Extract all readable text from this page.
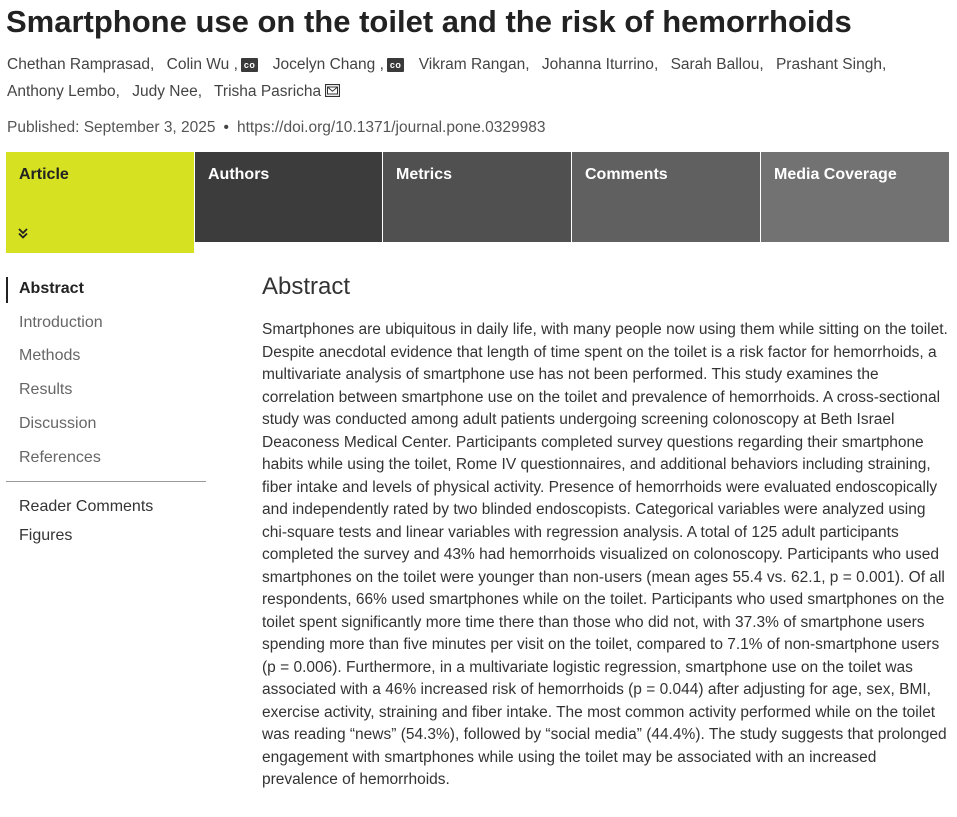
Smartphone use on the toilet and the risk of hemorrhoids
Chethan Ramprasad, Colin Wu , co Jocelyn Chang , co Vikram Rangan, Johanna Iturrino, Sarah Ballou, Prashant Singh,
Anthony Lembo, Judy Nee, Trisha Pasricha
Published: September 3, 2025 • https://doi.org/10.1371/journal.pone.0329983
Article	Authors	Metrics	Comments	Media Coverage
Abstract
Introduction
Methods
Results
Discussion
References
Reader Comments
Figures
Abstract

Smartphones are ubiquitous in daily life, with many people now using them while sitting on the toilet. Despite anecdotal evidence that length of time spent on the toilet is a risk factor for hemorrhoids, a multivariate analysis of smartphone use has not been performed. This study examines the correlation between smartphone use on the toilet and prevalence of hemorrhoids. A cross-sectional study was conducted among adult patients undergoing screening colonoscopy at Beth Israel Deaconess Medical Center. Participants completed survey questions regarding their smartphone habits while using the toilet, Rome IV questionnaires, and additional behaviors including straining, fiber intake and levels of physical activity. Presence of hemorrhoids were evaluated endoscopically and independently rated by two blinded endoscopists. Categorical variables were analyzed using chi-square tests and linear variables with regression analysis. A total of 125 adult participants completed the survey and 43% had hemorrhoids visualized on colonoscopy. Participants who used smartphones on the toilet were younger than non-users (mean ages 55.4 vs. 62.1, p = 0.001). Of all respondents, 66% used smartphones while on the toilet. Participants who used smartphones on the toilet spent significantly more time there than those who did not, with 37.3% of smartphone users spending more than five minutes per visit on the toilet, compared to 7.1% of non-smartphone users (p = 0.006). Furthermore, in a multivariate logistic regression, smartphone use on the toilet was associated with a 46% increased risk of hemorrhoids (p = 0.044) after adjusting for age, sex, BMI, exercise activity, straining and fiber intake. The most common activity performed while on the toilet was reading “news” (54.3%), followed by “social media” (44.4%). The study suggests that prolonged engagement with smartphones while using the toilet may be associated with an increased prevalence of hemorrhoids.
